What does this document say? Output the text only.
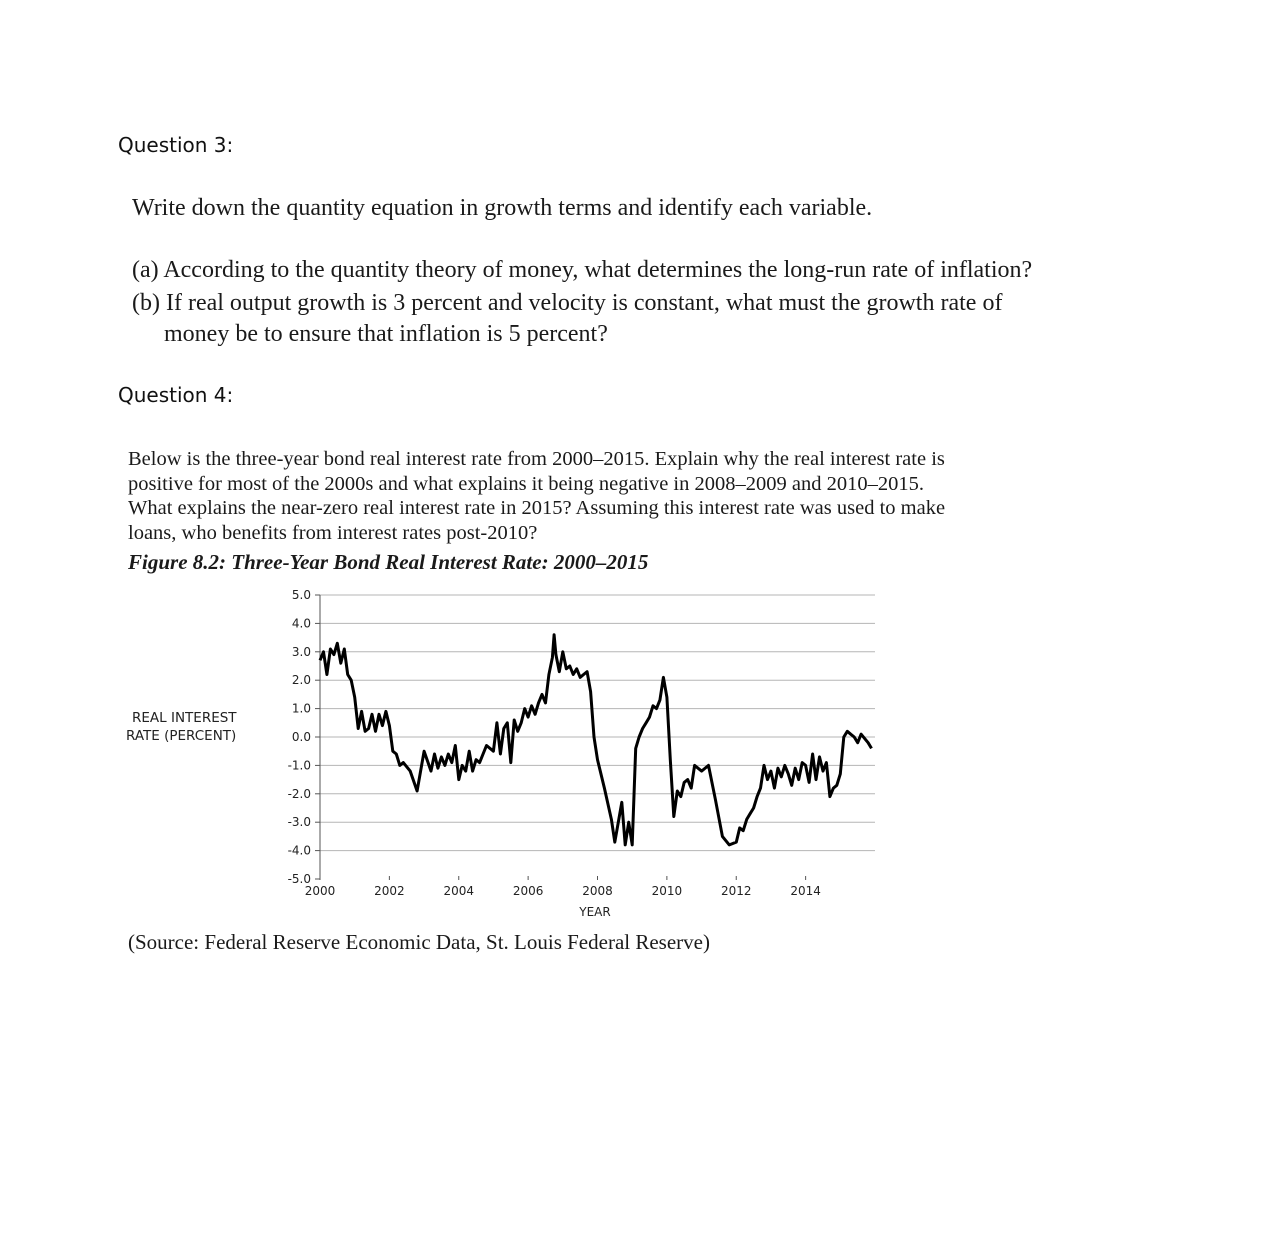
Question 3:
Write down the quantity equation in growth terms and identify each variable.
(a) According to the quantity theory of money, what determines the long-run rate of inflation?
(b) If real output growth is 3 percent and velocity is constant, what must the growth rate of
money be to ensure that inflation is 5 percent?
Question 4:
Below is the three-year bond real interest rate from 2000–2015. Explain why the real interest rate is
positive for most of the 2000s and what explains it being negative in 2008–2009 and 2010–2015.
What explains the near-zero real interest rate in 2015? Assuming this interest rate was used to make
loans, who benefits from interest rates post-2010?
Figure 8.2: Three-Year Bond Real Interest Rate: 2000–2015
5.0
4.0
3.0
2.0
1.0
0.0
-1.0
-2.0
-3.0
-4.0
-5.0
2000	2002	2004	2006	2008	2010	2012	2014
REAL INTEREST
RATE (PERCENT)
YEAR
(Source: Federal Reserve Economic Data, St. Louis Federal Reserve)
